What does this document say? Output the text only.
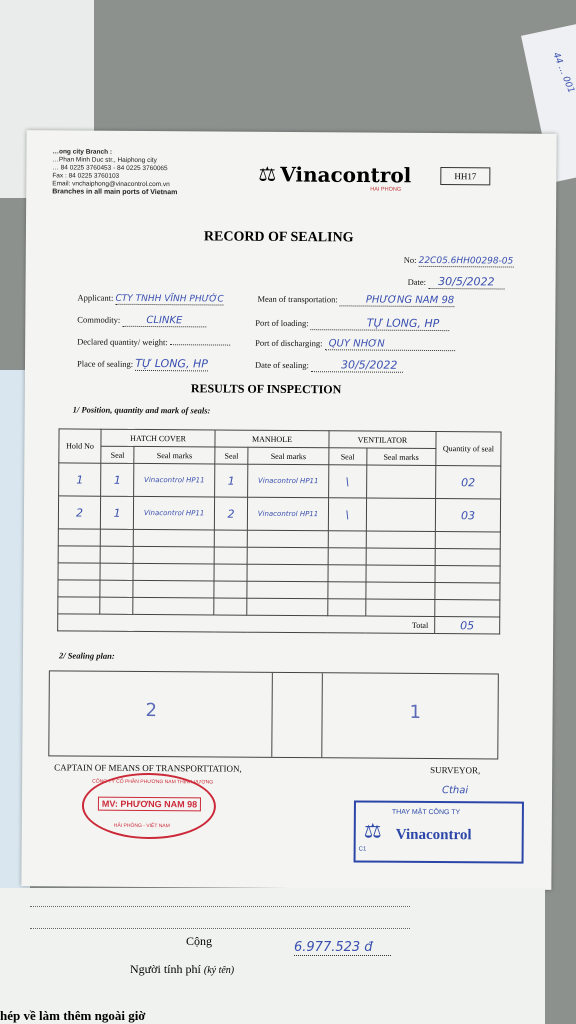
44 ... 001
…ong city Branch :
…Phan Minh Duc str., Haiphong city
… 84 0225 3760453 - 84 0225 3760065
Fax : 84 0225 3760103
Email: vnchaiphong@vinacontrol.com.vn
Branches in all main ports of Vietnam
⚖ Vinacontrol
HAI PHONG
HH17
RECORD OF SEALING
No: 22C05.6HH00298-05
Date: 30/5/2022
Applicant: CTY TNHH VĨNH PHƯỚC	Mean of transportation:	PHƯƠNG NAM 98
Commodity:	CLINKE	Port of loading:	TỰ LONG, HP
Declared quantity/ weight:	Port of discharging: QUY NHƠN
Place of sealing: TỰ LONG, HP	Date of sealing:	30/5/2022
RESULTS OF INSPECTION
1/ Position, quantity and mark of seals:
Hold No	HATCH COVER		MANHOLE		VENTILATOR		Quantity of seal
	Seal	Seal marks	Seal	Seal marks	Seal	Seal marks	
1	1	Vinacontrol HP11	1	Vinacontrol HP11	\		02
2	1	Vinacontrol HP11	2	Vinacontrol HP11	\		03

Total							05
2/ Sealing plan:
2	1
CAPTAIN OF MEANS OF TRANSPORTTATION,	SURVEYOR,
CÔNG TY CỔ PHẦN PHƯƠNG NAM THỊNH VƯỢNG
MV: PHƯƠNG NAM 98
HẢI PHÒNG - VIỆT NAM
Cthai
THAY MẶT CÔNG TY
⚖ Vinacontrol
C1
Cộng	6.977.523 đ
Người tính phí (ký tên)
hép về làm thêm ngoài giờ
